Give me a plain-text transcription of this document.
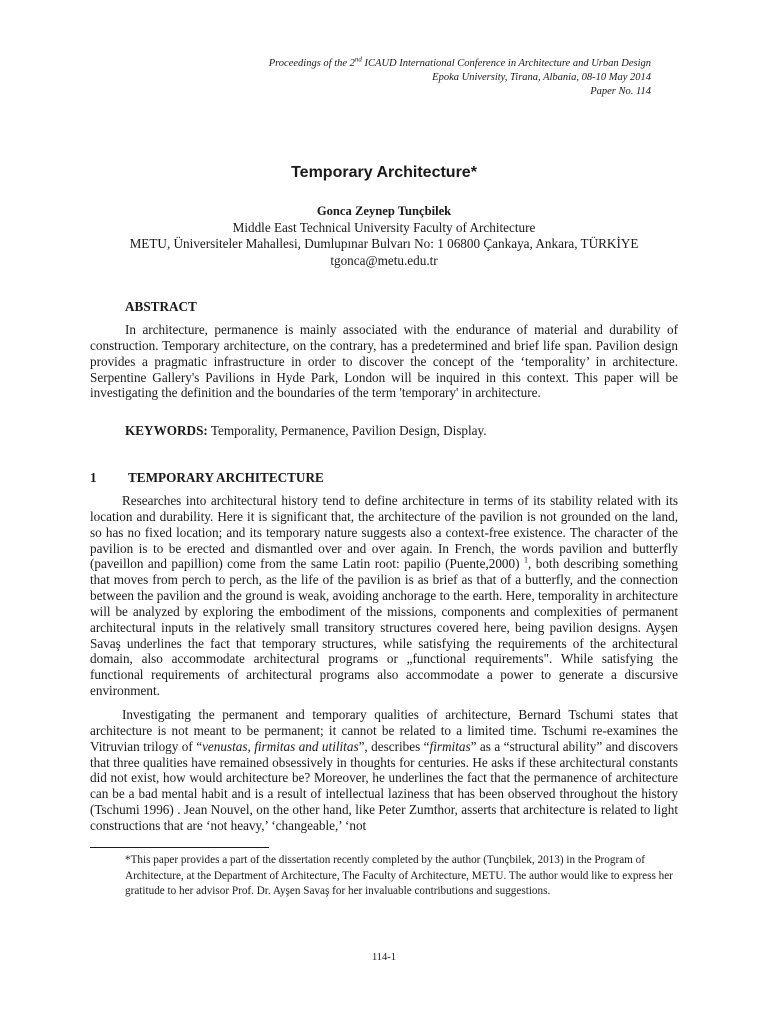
Proceedings of the 2nd ICAUD International Conference in Architecture and Urban Design
Epoka University, Tirana, Albania, 08-10 May 2014
Paper No. 114
Temporary Architecture*
Gonca Zeynep Tunçbilek
Middle East Technical University Faculty of Architecture
METU, Üniversiteler Mahallesi, Dumlupınar Bulvarı No: 1 06800 Çankaya, Ankara, TÜRKİYE
tgonca@metu.edu.tr
ABSTRACT

In architecture, permanence is mainly associated with the endurance of material and durability of construction. Temporary architecture, on the contrary, has a predetermined and brief life span. Pavilion design provides a pragmatic infrastructure in order to discover the concept of the ‘temporality’ in architecture. Serpentine Gallery's Pavilions in Hyde Park, London will be inquired in this context. This paper will be investigating the definition and the boundaries of the term 'temporary' in architecture.

KEYWORDS: Temporality, Permanence, Pavilion Design, Display.
1 TEMPORARY ARCHITECTURE

Researches into architectural history tend to define architecture in terms of its stability related with its location and durability. Here it is significant that, the architecture of the pavilion is not grounded on the land, so has no fixed location; and its temporary nature suggests also a context-free existence. The character of the pavilion is to be erected and dismantled over and over again. In French, the words pavilion and butterfly (paveillon and papillion) come from the same Latin root: papilio (Puente,2000) $^1$, both describing something that moves from perch to perch, as the life of the pavilion is as brief as that of a butterfly, and the connection between the pavilion and the ground is weak, avoiding anchorage to the earth. Here, temporality in architecture will be analyzed by exploring the embodiment of the missions, components and complexities of permanent architectural inputs in the relatively small transitory structures covered here, being pavilion designs. Ayşen Savaş underlines the fact that temporary structures, while satisfying the requirements of the architectural domain, also accommodate architectural programs or „functional requirements". While satisfying the functional requirements of architectural programs also accommodate a power to generate a discursive environment.

Investigating the permanent and temporary qualities of architecture, Bernard Tschumi states that architecture is not meant to be permanent; it cannot be related to a limited time. Tschumi re-examines the Vitruvian trilogy of “venustas, firmitas and utilitas”, describes “firmitas” as a “structural ability” and discovers that three qualities have remained obsessively in thoughts for centuries. He asks if these architectural constants did not exist, how would architecture be? Moreover, he underlines the fact that the permanence of architecture can be a bad mental habit and is a result of intellectual laziness that has been observed throughout the history (Tschumi 1996) . Jean Nouvel, on the other hand, like Peter Zumthor, asserts that architecture is related to light constructions that are ‘not heavy,’ ‘changeable,’ ‘not

*This paper provides a part of the dissertation recently completed by the author (Tunçbilek, 2013) in the Program of Architecture, at the Department of Architecture, The Faculty of Architecture, METU. The author would like to express her gratitude to her advisor Prof. Dr. Ayşen Savaş for her invaluable contributions and suggestions.

114-1
